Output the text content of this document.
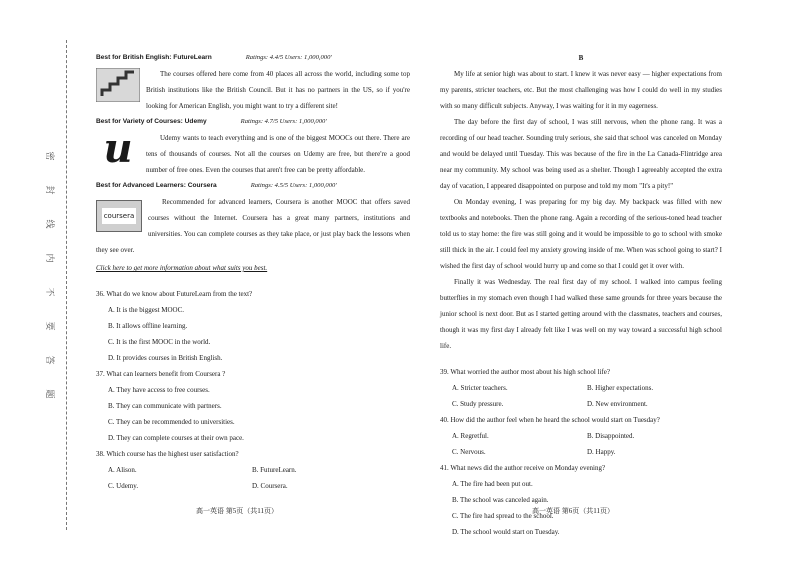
密
封
线
内
不
要
答
题
Best for British English: FutureLearn	Ratings: 4.4/5 Users: 1,000,000'

The courses offered here come from 40 places all across the world, including some top British institutions like the British Council. But it has no partners in the US, so if you're looking for American English, you might want to try a different site!

Best for Variety of Courses: Udemy	Ratings: 4.7/5 Users: 1,000,000'
u	Udemy wants to teach everything and is one of the biggest MOOCs out there. There are tens of thousands of courses. Not all the courses on Udemy are free, but there're a good number of free ones. Even the courses that aren't free can be pretty affordable.

Best for Advanced Learners: Coursera	Ratings: 4.5/5 Users: 1,000,000'
coursera

Recommended for advanced learners, Coursera is another MOOC that offers saved courses without the Internet. Coursera has a great many partners, institutions and universities. You can complete courses as they take place, or just play back the lessons when they see over.

Click here to get more information about what suits you best.
36. What do we know about FutureLearn from the text?
A. It is the biggest MOOC.
B. It allows offline learning.
C. It is the first MOOC in the world.
D. It provides courses in British English.
37. What can learners benefit from Coursera ?
A. They have access to free courses.
B. They can communicate with partners.
C. They can be recommended to universities.
D. They can complete courses at their own pace.
38. Which course has the highest user satisfaction?
A. Alison.	B. FutureLearn.
C. Udemy.	D. Coursera.

B

My life at senior high was about to start. I knew it was never easy — higher expectations from my parents, stricter teachers, etc. But the most challenging was how I could do well in my studies with so many difficult subjects. Anyway, I was waiting for it in my eagerness.

The day before the first day of school, I was still nervous, when the phone rang. It was a recording of our head teacher. Sounding truly serious, she said that school was canceled on Monday and would be delayed until Tuesday. This was because of the fire in the La Canada-Flintridge area near my community. My school was being used as a shelter. Though I agreeably accepted the extra day of vacation, I appeared disappointed on purpose and told my mom "It's a pity!"

On Monday evening, I was preparing for my big day. My backpack was filled with new textbooks and notebooks. Then the phone rang. Again a recording of the serious-toned head teacher told us to stay home: the fire was still going and it would be impossible to go to school with smoke still thick in the air. I could feel my anxiety growing inside of me. When was school going to start? I wished the first day of school would hurry up and come so that I could get it over with.

Finally it was Wednesday. The real first day of my school. I walked into campus feeling butterflies in my stomach even though I had walked these same grounds for three years because the junior school is next door. But as I started getting around with the classmates, teachers and courses, though it was my first day I already felt like I was well on my way toward a successful high school life.

39. What worried the author most about his high school life?
A. Stricter teachers.	B. Higher expectations.
C. Study pressure.	D. New environment.
40. How did the author feel when he heard the school would start on Tuesday?
A. Regretful.	B. Disappointed.
C. Nervous.	D. Happy.
41. What news did the author receive on Monday evening?
A. The fire had been put out.
B. The school was canceled again.
C. The fire had spread to the school.
D. The school would start on Tuesday.
高一英语 第5页（共11页）	高一英语 第6页（共11页）
